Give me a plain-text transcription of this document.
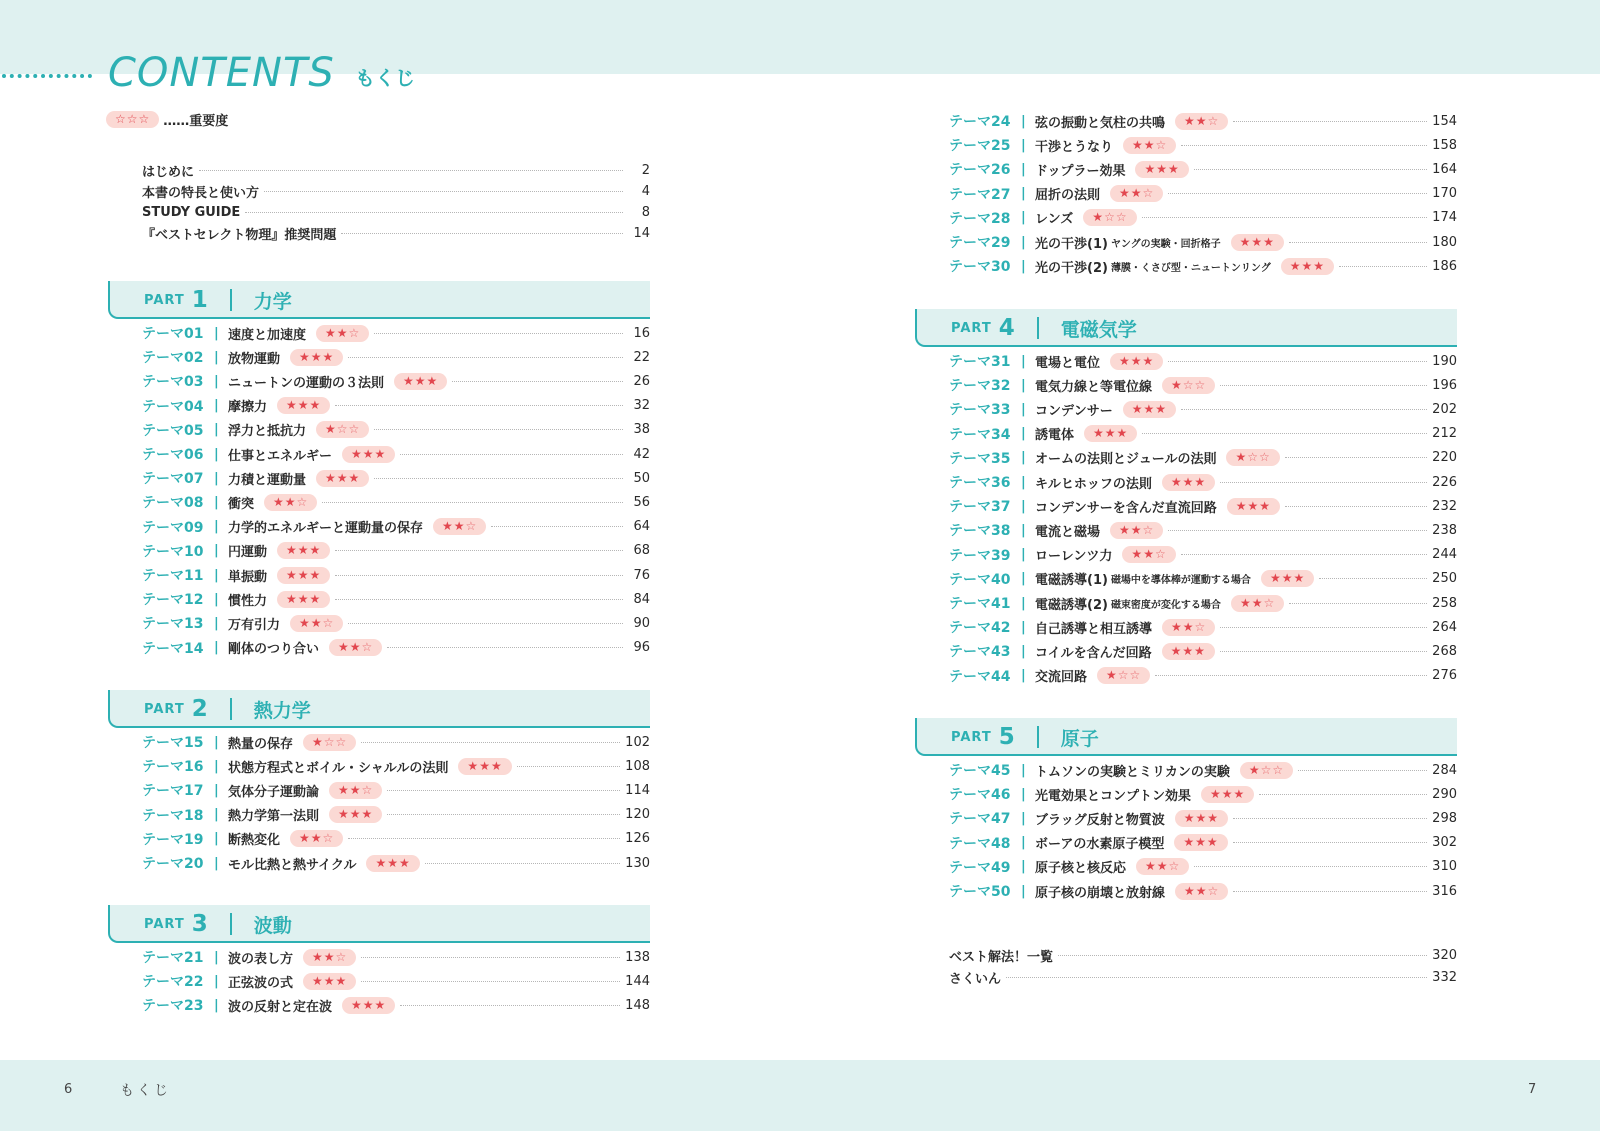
CONTENTS もくじ
☆☆☆	……重要度
はじめに	2
本書の特長と使い方	4
STUDY GUIDE	8
『ベストセレクト物理』推奨問題	14
PART 1 力学
PART 2 熱力学
PART 3 波動
PART 4 電磁気学
PART 5 原子
テーマ01 | 速度と加速度	★★☆	16
テーマ02 | 放物運動	★★★	22
テーマ03 | ニュートンの運動の３法則	★★★	26
テーマ04 | 摩擦力	★★★	32
テーマ05 | 浮力と抵抗力	★☆☆	38
テーマ06 | 仕事とエネルギー	★★★	42
テーマ07 | 力積と運動量	★★★	50
テーマ08 | 衝突	★★☆	56
テーマ09 | 力学的エネルギーと運動量の保存	★★☆	64
テーマ10 | 円運動	★★★	68
テーマ11 | 単振動	★★★	76
テーマ12 | 慣性力	★★★	84
テーマ13 | 万有引力	★★☆	90
テーマ14 | 剛体のつり合い	★★☆	96
テーマ15 | 熱量の保存	★☆☆	102
テーマ16 | 状態方程式とボイル・シャルルの法則	★★★	108
テーマ17 | 気体分子運動論	★★☆	114
テーマ18 | 熱力学第一法則	★★★	120
テーマ19 | 断熱変化	★★☆	126
テーマ20 | モル比熱と熱サイクル	★★★	130
テーマ21 | 波の表し方	★★☆	138
テーマ22 | 正弦波の式	★★★	144
テーマ23 | 波の反射と定在波	★★★	148
テーマ24 | 弦の振動と気柱の共鳴	★★☆	154
テーマ25 | 干渉とうなり	★★☆	158
テーマ26 | ドップラー効果	★★★	164
テーマ27 | 屈折の法則	★★☆	170
テーマ28 | レンズ	★☆☆	174
テーマ29 | 光の干渉(1) ヤングの実験・回折格子	★★★	180
テーマ30 | 光の干渉(2) 薄膜・くさび型・ニュートンリング	★★★	186
テーマ31 | 電場と電位	★★★	190
テーマ32 | 電気力線と等電位線	★☆☆	196
テーマ33 | コンデンサー	★★★	202
テーマ34 | 誘電体	★★★	212
テーマ35 | オームの法則とジュールの法則	★☆☆	220
テーマ36 | キルヒホッフの法則	★★★	226
テーマ37 | コンデンサーを含んだ直流回路	★★★	232
テーマ38 | 電流と磁場	★★☆	238
テーマ39 | ローレンツ力	★★☆	244
テーマ40 | 電磁誘導(1) 磁場中を導体棒が運動する場合	★★★	250
テーマ41 | 電磁誘導(2) 磁束密度が変化する場合	★★☆	258
テーマ42 | 自己誘導と相互誘導	★★☆	264
テーマ43 | コイルを含んだ回路	★★★	268
テーマ44 | 交流回路	★☆☆	276
テーマ45 | トムソンの実験とミリカンの実験	★☆☆	284
テーマ46 | 光電効果とコンプトン効果	★★★	290
テーマ47 | ブラッグ反射と物質波	★★★	298
テーマ48 | ボーアの水素原子模型	★★★	302
テーマ49 | 原子核と核反応	★★☆	310
テーマ50 | 原子核の崩壊と放射線	★★☆	316
ベスト解法！一覧	320
さくいん	332
6	もくじ	7
